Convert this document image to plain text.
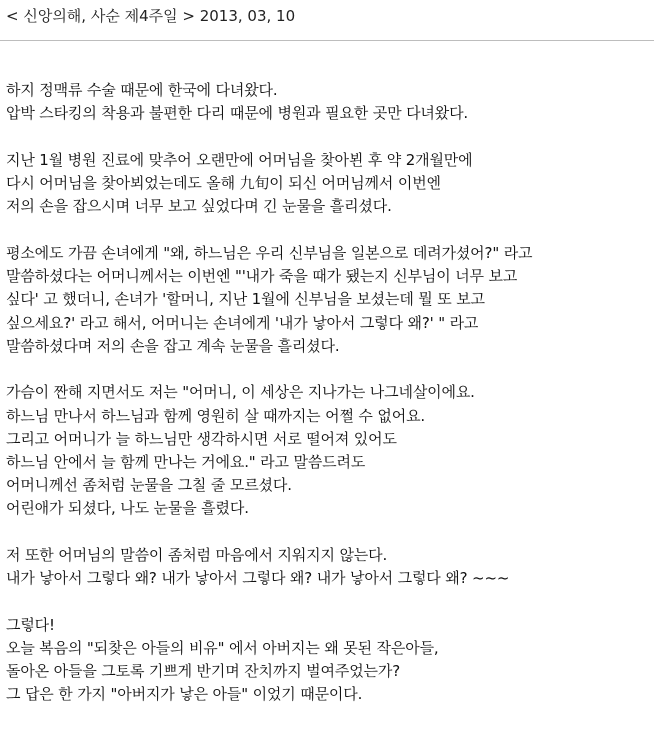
< 신앙의해, 사순 제4주일 > 2013, 03, 10

하지 정맥류 수술 때문에 한국에 다녀왔다.
압박 스타킹의 착용과 불편한 다리 때문에 병원과 필요한 곳만 다녀왔다.

지난 1월 병원 진료에 맞추어 오랜만에 어머님을 찾아뵌 후 약 2개월만에
다시 어머님을 찾아뵈었는데도 올해 九旬이 되신 어머님께서 이번엔
저의 손을 잡으시며 너무 보고 싶었다며 긴 눈물을 흘리셨다.

평소에도 가끔 손녀에게 "왜, 하느님은 우리 신부님을 일본으로 데려가셨어?" 라고
말씀하셨다는 어머니께서는 이번엔 "'내가 죽을 때가 됐는지 신부님이 너무 보고
싶다' 고 했더니, 손녀가 '할머니, 지난 1월에 신부님을 보셨는데 뭘 또 보고
싶으세요?' 라고 해서, 어머니는 손녀에게 '내가 낳아서 그렇다 왜?' " 라고
말씀하셨다며 저의 손을 잡고 계속 눈물을 흘리셨다.

가슴이 짠해 지면서도 저는 "어머니, 이 세상은 지나가는 나그네살이에요.
하느님 만나서 하느님과 함께 영원히 살 때까지는 어쩔 수 없어요.
그리고 어머니가 늘 하느님만 생각하시면 서로 떨어져 있어도
하느님 안에서 늘 함께 만나는 거에요." 라고 말씀드려도
어머니께선 좀처럼 눈물을 그칠 줄 모르셨다.
어린애가 되셨다, 나도 눈물을 흘렸다.

저 또한 어머님의 말씀이 좀처럼 마음에서 지워지지 않는다.
내가 낳아서 그렇다 왜? 내가 낳아서 그렇다 왜? 내가 낳아서 그렇다 왜? ~~~

그렇다!
오늘 복음의 "되찾은 아들의 비유" 에서 아버지는 왜 못된 작은아들,
돌아온 아들을 그토록 기쁘게 반기며 잔치까지 벌여주었는가?
그 답은 한 가지 "아버지가 낳은 아들" 이었기 때문이다.
